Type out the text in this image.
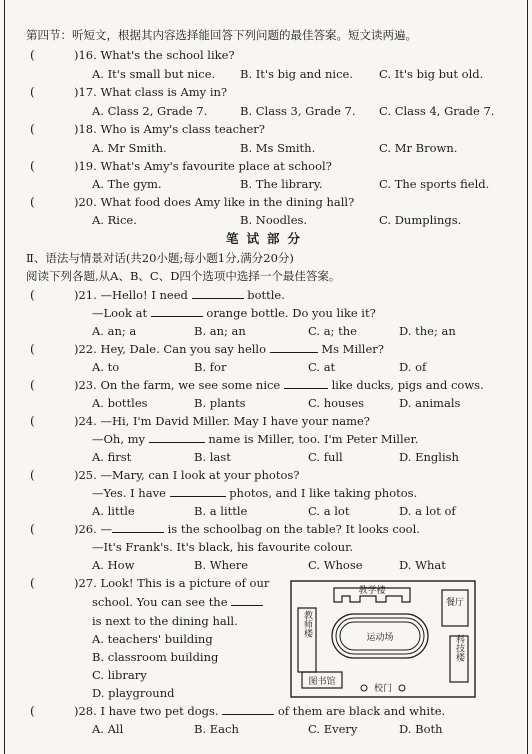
第四节：听短文，根据其内容选择能回答下列问题的最佳答案。短文读两遍。
(	)16. What's the school like?
A. It's small but nice. B. It's big and nice. C. It's big but old.
(	)17. What class is Amy in?
A. Class 2, Grade 7.	B. Class 3, Grade 7. C. Class 4, Grade 7.
(	)18. Who is Amy's class teacher?
A. Mr Smith.	B. Ms Smith.	C. Mr Brown.
(	)19. What's Amy's favourite place at school?
A. The gym.	B. The library.	C. The sports field.
(	)20. What food does Amy like in the dining hall?
A. Rice.	B. Noodles.	C. Dumplings.
笔试部分
Ⅱ、语法与情景对话(共20小题;每小题1分,满分20分)
阅读下列各题,从A、B、C、D四个选项中选择一个最佳答案。
(	)21. —Hello! I need	bottle.
—Look at	orange bottle. Do you like it?
A. an; a	B. an; an	C. a; the	D. the; an
(	)22. Hey, Dale. Can you say hello	Ms Miller?
A. to	B. for	C. at	D. of
(	)23. On the farm, we see some nice	like ducks, pigs and cows.
A. bottles	B. plants	C. houses	D. animals
(	)24. —Hi, I'm David Miller. May I have your name?
—Oh, my	name is Miller, too. I'm Peter Miller.
A. first	B. last	C. full	D. English
(	)25. —Mary, can I look at your photos?
—Yes. I have	photos, and I like taking photos.
A. little	B. a little	C. a lot	D. a lot of
(	)26. —	is the schoolbag on the table? It looks cool.
—It's Frank's. It's black, his favourite colour.
A. How	B. Where	C. Whose	D. What
(	)27. Look! This is a picture of our
school. You can see the
is next to the dining hall.
A. teachers' building
B. classroom building
C. library
D. playground
教学楼
餐厅
教师楼
运动场	科技楼
图书馆
校门
(	)28. I have two pet dogs.	of them are black and white.
A. All	B. Each	C. Every	D. Both
